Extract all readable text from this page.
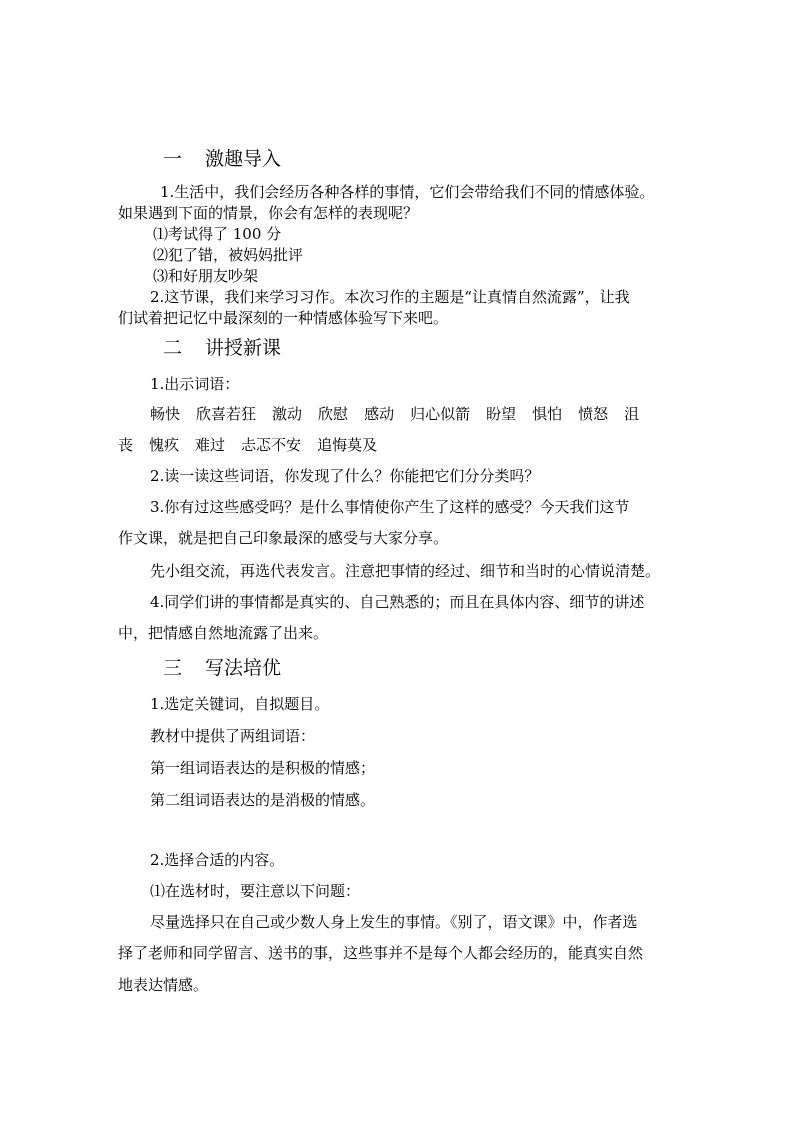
一 激趣导入
1.生活中，我们会经历各种各样的事情，它们会带给我们不同的情感体验。
如果遇到下面的情景，你会有怎样的表现呢？
⑴考试得了 100 分
⑵犯了错，被妈妈批评
⑶和好朋友吵架
2.这节课，我们来学习习作。本次习作的主题是“让真情自然流露”，让我
们试着把记忆中最深刻的一种情感体验写下来吧。
二 讲授新课
1.出示词语：
畅快 欣喜若狂 激动 欣慰 感动 归心似箭 盼望 惧怕 愤怒 沮
丧 愧疚 难过 忐忑不安 追悔莫及
2.读一读这些词语，你发现了什么？你能把它们分分类吗？
3.你有过这些感受吗？是什么事情使你产生了这样的感受？今天我们这节
作文课，就是把自己印象最深的感受与大家分享。
先小组交流，再选代表发言。注意把事情的经过、细节和当时的心情说清楚。
4.同学们讲的事情都是真实的、自己熟悉的；而且在具体内容、细节的讲述
中，把情感自然地流露了出来。
三 写法培优
1.选定关键词，自拟题目。
教材中提供了两组词语：
第一组词语表达的是积极的情感；
第二组词语表达的是消极的情感。
2.选择合适的内容。
⑴在选材时，要注意以下问题：
尽量选择只在自己或少数人身上发生的事情。《别了，语文课》中，作者选
择了老师和同学留言、送书的事，这些事并不是每个人都会经历的，能真实自然
地表达情感。
